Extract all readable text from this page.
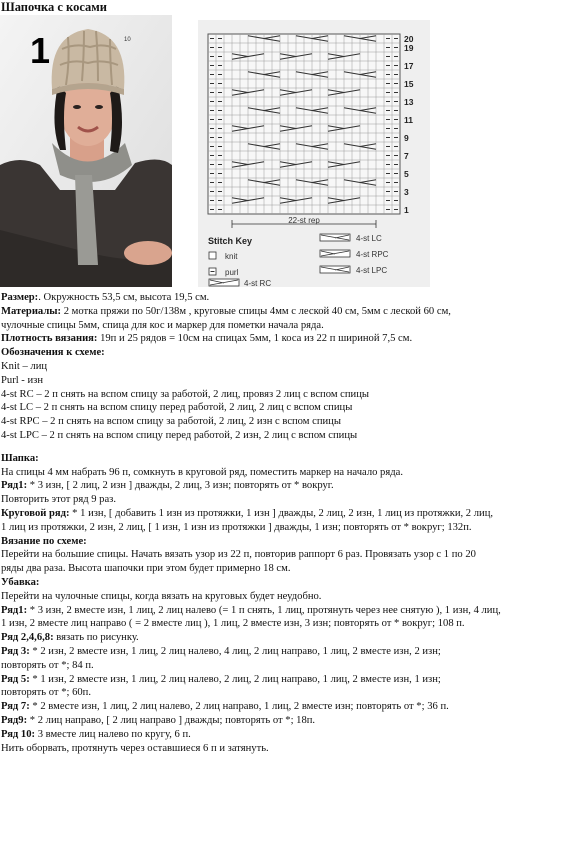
Шапочка с косами
1	10	20
19
17
15
13
11
9
7
5
3
1
22-st rep
Stitch Key
knit
purl
4-st RC
4-st LC
4-st RPC
4-st LPC

Размер:. Окружность 53,5 см, высота 19,5 см.

Материалы: 2 мотка пряжи по 50г/138м , круговые спицы 4мм с леской 40 см, 5мм с леской 60 см,

чулочные спицы 5мм, спица для кос и маркер для пометки начала ряда.

Плотность вязания: 19п и 25 рядов = 10см на спицах 5мм, 1 коса из 22 п шириной 7,5 см.

Обозначения к схеме:

Knit – лиц

Purl - изн

4-st RC – 2 п снять на вспом спицу за работой, 2 лиц, провяз 2 лиц с вспом спицы

4-st LC – 2 п снять на вспом спицу перед работой, 2 лиц, 2 лиц с вспом спицы

4-st RPC – 2 п снять на вспом спицу за работой, 2 лиц, 2 изн с вспом спицы

4-st LPC – 2 п снять на вспом спицу перед работой, 2 изн, 2 лиц с вспом спицы

Шапка:

На спицы 4 мм набрать 96 п, сомкнуть в круговой ряд, поместить маркер на начало ряда.

Ряд1: * 3 изн, [ 2 лиц, 2 изн ] дважды, 2 лиц, 3 изн; повторять от * вокруг.

Повторить этот ряд 9 раз.

Круговой ряд: * 1 изн, [ добавить 1 изн из протяжки, 1 изн ] дважды, 2 лиц, 2 изн, 1 лиц из протяжки, 2 лиц,

1 лиц из протяжки, 2 изн, 2 лиц, [ 1 изн, 1 изн из протяжки ] дважды, 1 изн; повторять от * вокруг; 132п.

Вязание по схеме:

Перейти на большие спицы. Начать вязать узор из 22 п, повторив раппорт 6 раз. Провязать узор с 1 по 20

ряды два раза. Высота шапочки при этом будет примерно 18 см.

Убавка:

Перейти на чулочные спицы, когда вязать на круговых будет неудобно.

Ряд1: * 3 изн, 2 вместе изн, 1 лиц, 2 лиц налево (= 1 п снять, 1 лиц, протянуть через нее снятую ), 1 изн, 4 лиц,

1 изн, 2 вместе лиц направо ( = 2 вместе лиц ), 1 лиц, 2 вместе изн, 3 изн; повторять от * вокруг; 108 п.

Ряд 2,4,6,8: вязать по рисунку.

Ряд 3: * 2 изн, 2 вместе изн, 1 лиц, 2 лиц налево, 4 лиц, 2 лиц направо, 1 лиц, 2 вместе изн, 2 изн;

повторять от *; 84 п.

Ряд 5: * 1 изн, 2 вместе изн, 1 лиц, 2 лиц налево, 2 лиц, 2 лиц направо, 1 лиц, 2 вместе изн, 1 изн;

повторять от *; 60п.

Ряд 7: * 2 вместе изн, 1 лиц, 2 лиц налево, 2 лиц направо, 1 лиц, 2 вместе изн; повторять от *; 36 п.

Ряд9: * 2 лиц направо, [ 2 лиц направо ] дважды; повторять от *; 18п.

Ряд 10: 3 вместе лиц налево по кругу, 6 п.

Нить оборвать, протянуть через оставшиеся 6 п и затянуть.
